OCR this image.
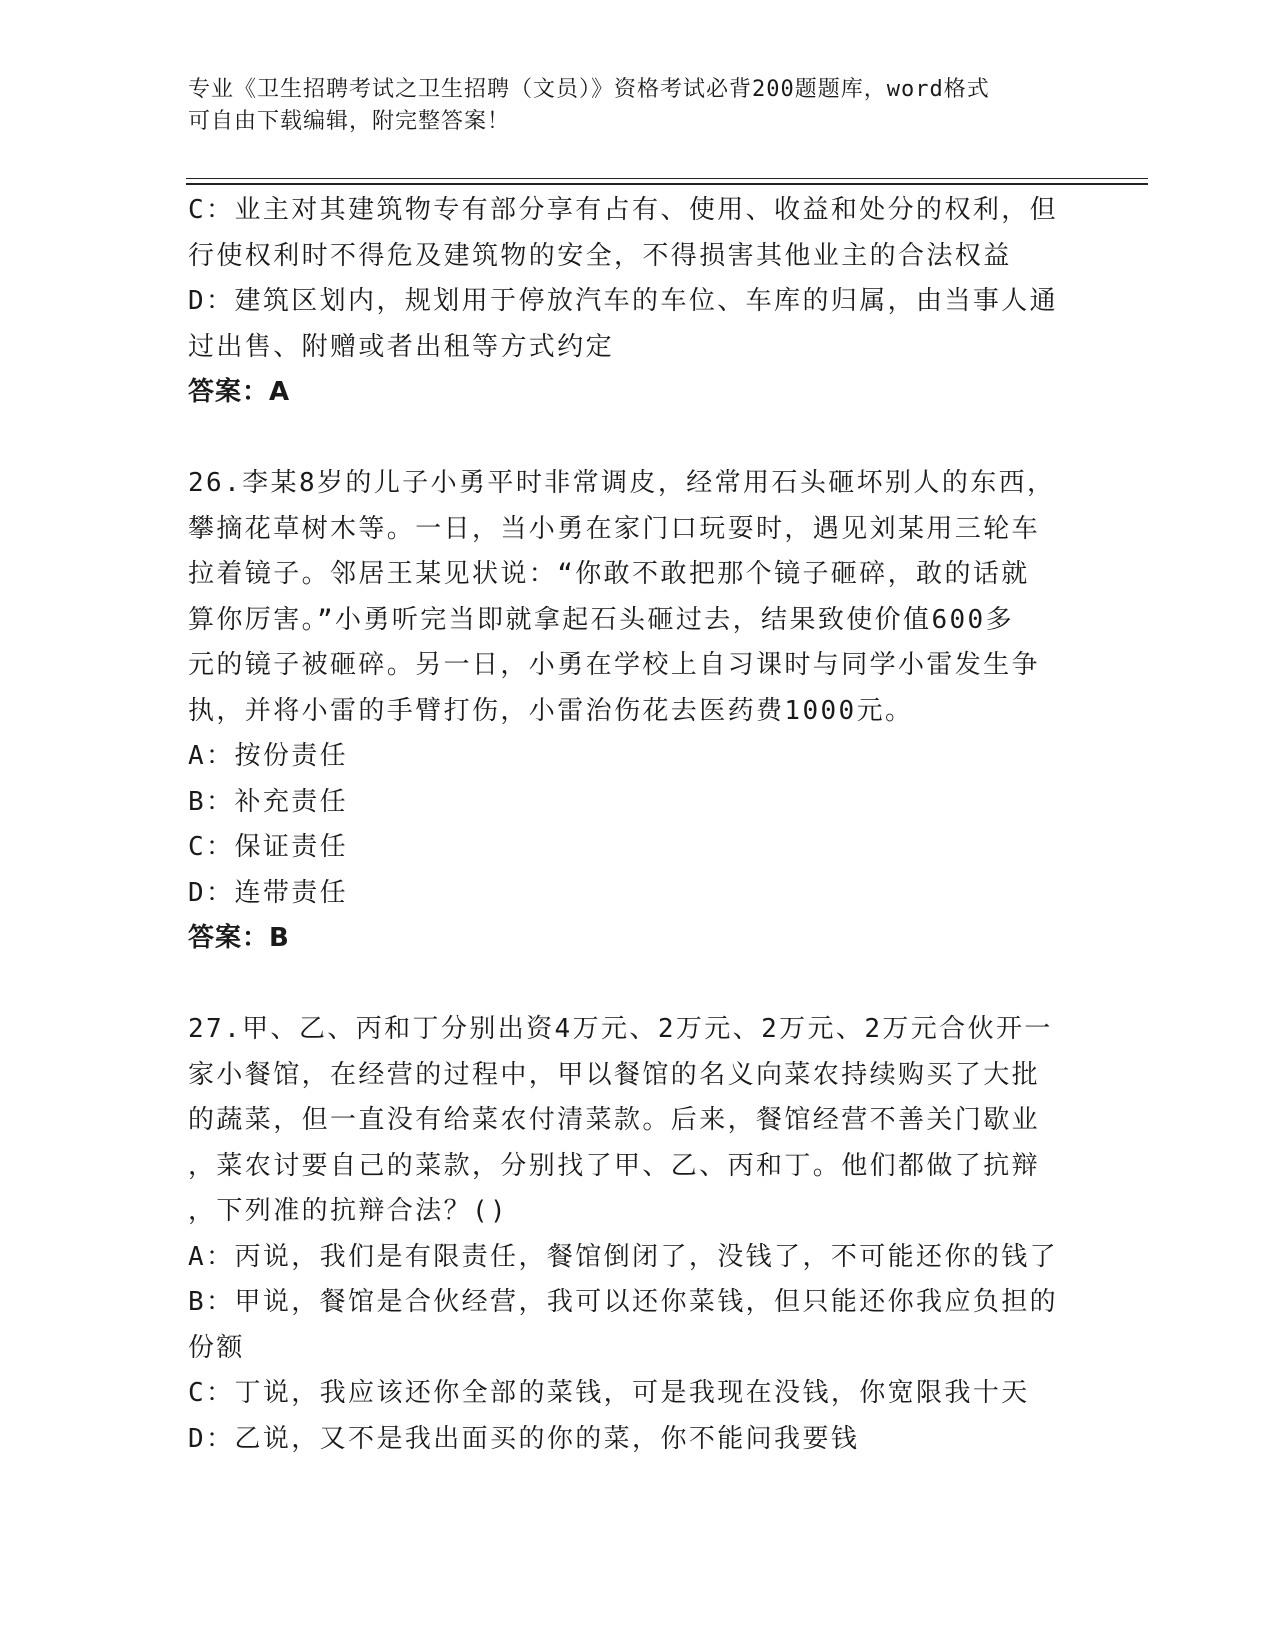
专业《卫生招聘考试之卫生招聘（文员）》资格考试必背200题题库，word格式
可自由下载编辑，附完整答案！
C：业主对其建筑物专有部分享有占有、使用、收益和处分的权利，但
行使权利时不得危及建筑物的安全，不得损害其他业主的合法权益
D：建筑区划内，规划用于停放汽车的车位、车库的归属，由当事人通
过出售、附赠或者出租等方式约定
答案：A
26.李某8岁的儿子小勇平时非常调皮，经常用石头砸坏别人的东西，
攀摘花草树木等。一日，当小勇在家门口玩耍时，遇见刘某用三轮车
拉着镜子。邻居王某见状说：“你敢不敢把那个镜子砸碎，敢的话就
算你厉害。”小勇听完当即就拿起石头砸过去，结果致使价值600多
元的镜子被砸碎。另一日，小勇在学校上自习课时与同学小雷发生争
执，并将小雷的手臂打伤，小雷治伤花去医药费1000元。
A：按份责任
B：补充责任
C：保证责任
D：连带责任
答案：B
27.甲、乙、丙和丁分别出资4万元、2万元、2万元、2万元合伙开一
家小餐馆，在经营的过程中，甲以餐馆的名义向菜农持续购买了大批
的蔬菜，但一直没有给菜农付清菜款。后来，餐馆经营不善关门歇业
，菜农讨要自己的菜款，分别找了甲、乙、丙和丁。他们都做了抗辩
，下列准的抗辩合法？()
A：丙说，我们是有限责任，餐馆倒闭了，没钱了，不可能还你的钱了
B：甲说，餐馆是合伙经营，我可以还你菜钱，但只能还你我应负担的
份额
C：丁说，我应该还你全部的菜钱，可是我现在没钱，你宽限我十天
D：乙说，又不是我出面买的你的菜，你不能问我要钱
